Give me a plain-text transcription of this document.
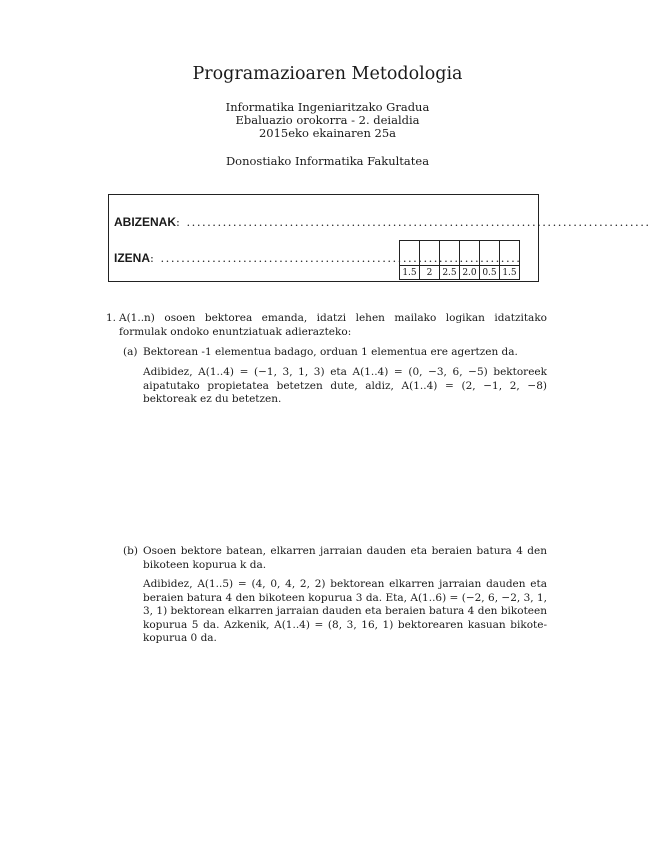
Programazioaren Metodologia
Informatika Ingeniaritzako Gradua
Ebaluazio orokorra - 2. deialdia
2015eko ekainaren 25a
Donostiako Informatika Fakultatea
ABIZENAK: ..........................................................................................
IZENA: ......................................................................

1.5	2	2.5	2.0	0.5	1.5
1. A(1..n) osoen bektorea emanda, idatzi lehen mailako logikan idatzitako formulak ondoko enuntziatuak adierazteko:
(a) Bektorean -1 elementua badago, orduan 1 elementua ere agertzen da.
Adibidez, A(1..4) = (−1, 3, 1, 3) eta A(1..4) = (0, −3, 6, −5) bektoreek aipatutako propietatea betetzen dute, aldiz, A(1..4) = (2, −1, 2, −8) bektoreak ez du betetzen.
(b) Osoen bektore batean, elkarren jarraian dauden eta beraien batura 4 den bikoteen kopurua k da.
Adibidez, A(1..5) = (4, 0, 4, 2, 2) bektorean elkarren jarraian dauden eta beraien batura 4 den bikoteen kopurua 3 da. Eta, A(1..6) = (−2, 6, −2, 3, 1, 3, 1) bektorean elkarren jarraian dauden eta beraien batura 4 den bikoteen kopurua 5 da. Azkenik, A(1..4) = (8, 3, 16, 1) bektorearen kasuan bikote-kopurua 0 da.
